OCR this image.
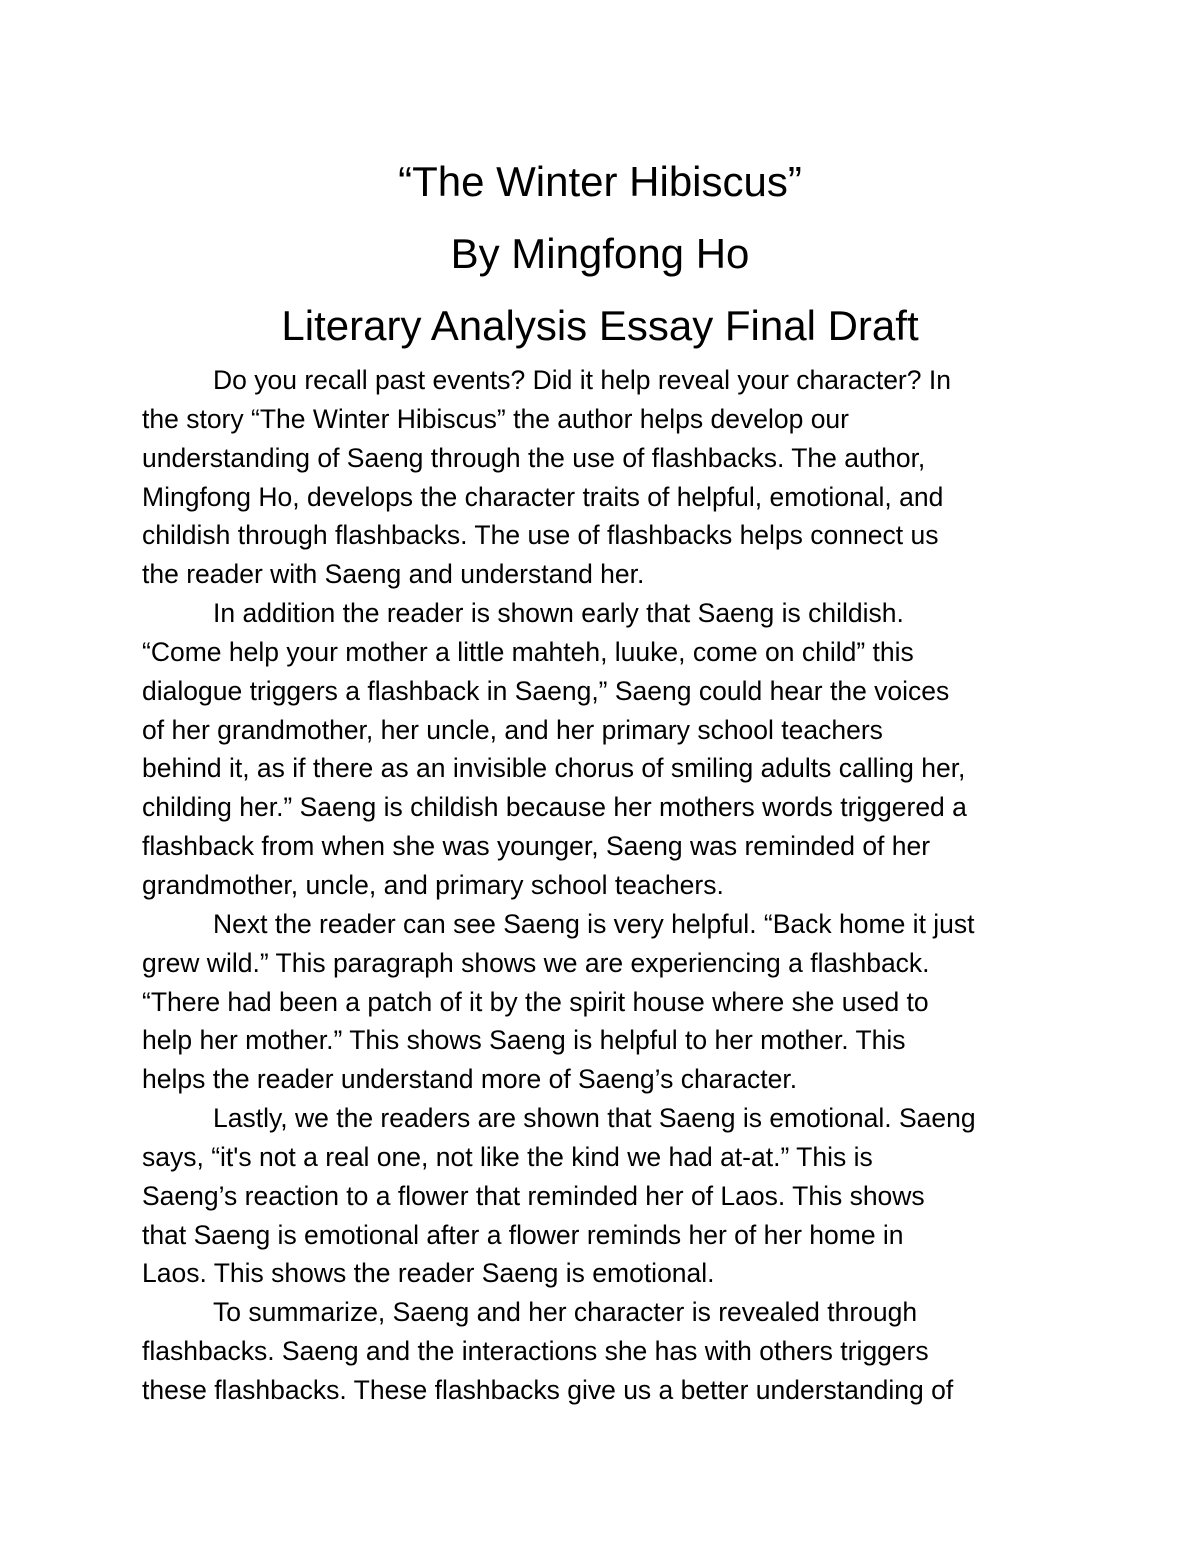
“The Winter Hibiscus”
By Mingfong Ho
Literary Analysis Essay Final Draft
Do you recall past events? Did it help reveal your character? In
the story “The Winter Hibiscus” the author helps develop our
understanding of Saeng through the use of flashbacks. The author,
Mingfong Ho, develops the character traits of helpful, emotional, and
childish through flashbacks. The use of flashbacks helps connect us
the reader with Saeng and understand her.
In addition the reader is shown early that Saeng is childish.
“Come help your mother a little mahteh, luuke, come on child” this
dialogue triggers a flashback in Saeng,” Saeng could hear the voices
of her grandmother, her uncle, and her primary school teachers
behind it, as if there as an invisible chorus of smiling adults calling her,
childing her.” Saeng is childish because her mothers words triggered a
flashback from when she was younger, Saeng was reminded of her
grandmother, uncle, and primary school teachers.
Next the reader can see Saeng is very helpful. “Back home it just
grew wild.” This paragraph shows we are experiencing a flashback.
“There had been a patch of it by the spirit house where she used to
help her mother.” This shows Saeng is helpful to her mother. This
helps the reader understand more of Saeng’s character.
Lastly, we the readers are shown that Saeng is emotional. Saeng
says, “it's not a real one, not like the kind we had at-at.” This is
Saeng’s reaction to a flower that reminded her of Laos. This shows
that Saeng is emotional after a flower reminds her of her home in
Laos. This shows the reader Saeng is emotional.
To summarize, Saeng and her character is revealed through
flashbacks. Saeng and the interactions she has with others triggers
these flashbacks. These flashbacks give us a better understanding of
